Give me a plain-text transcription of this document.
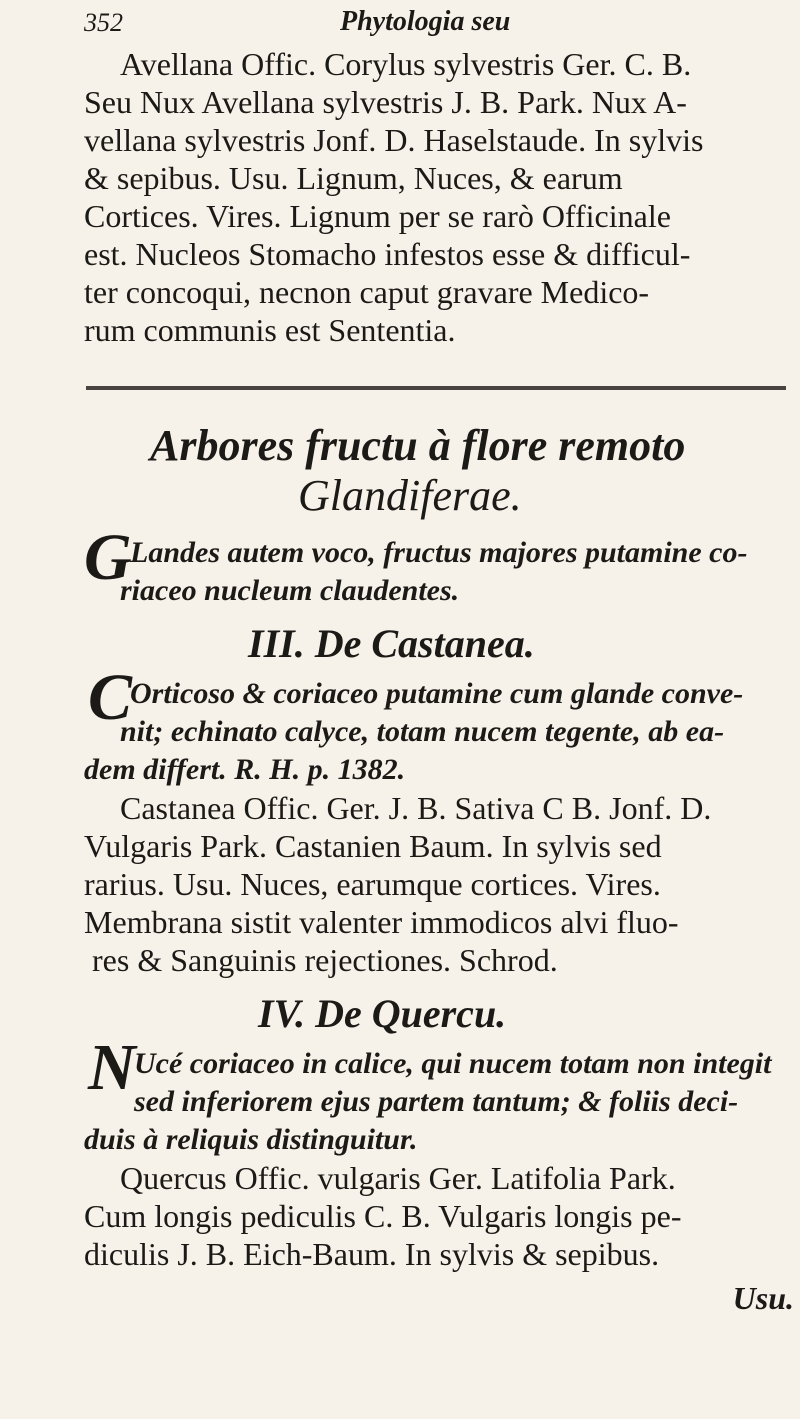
352	Phytologia seu
Avellana Offic. Corylus sylvestris Ger. C. B.
Seu Nux Avellana sylvestris J. B. Park. Nux A-
vellana sylvestris Jonf. D. Haselstaude. In sylvis
& sepibus. Usu. Lignum, Nuces, & earum
Cortices. Vires. Lignum per se rarò Officinale
est. Nucleos Stomacho infestos esse & difficul-
ter concoqui, necnon caput gravare Medico-
rum communis est Sententia.
Arbores fructu à flore remoto
Glandiferae.
G
Landes autem voco, fructus majores putamine co-
riaceo nucleum claudentes.
III. De Castanea.
C
Orticoso & coriaceo putamine cum glande conve-
nit; echinato calyce, totam nucem tegente, ab ea-
dem differt. R. H. p. 1382.
Castanea Offic. Ger. J. B. Sativa C B. Jonf. D.
Vulgaris Park. Castanien Baum. In sylvis sed
rarius. Usu. Nuces, earumque cortices. Vires.
Membrana sistit valenter immodicos alvi fluo-
res & Sanguinis rejectiones. Schrod.
IV. De Quercu.
N
Ucé coriaceo in calice, qui nucem totam non integit
sed inferiorem ejus partem tantum; & foliis deci-
duis à reliquis distinguitur.
Quercus Offic. vulgaris Ger. Latifolia Park.
Cum longis pediculis C. B. Vulgaris longis pe-
diculis J. B. Eich-Baum. In sylvis & sepibus.
Usu.
